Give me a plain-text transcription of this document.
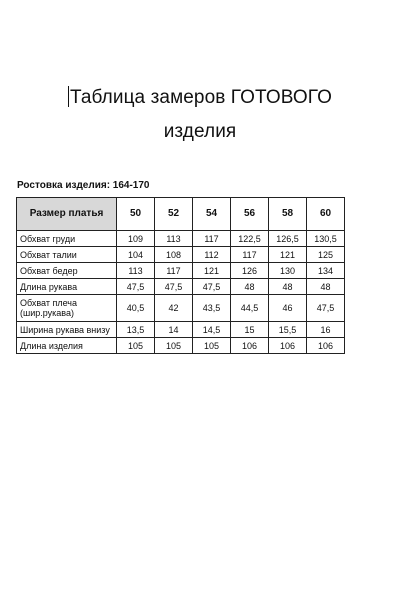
Таблица замеров ГОТОВОГО
изделия
Ростовка изделия: 164-170
Размер платья	50	52	54	56	58	60
Обхват груди	109	113	117	122,5	126,5	130,5
Обхват талии	104	108	112	117	121	125
Обхват бедер	113	117	121	126	130	134
Длина рукава	47,5	47,5	47,5	48	48	48
Обхват плеча
(шир.рукава)	40,5	42	43,5	44,5	46	47,5
Ширина рукава внизу	13,5	14	14,5	15	15,5	16
Длина изделия	105	105	105	106	106	106
